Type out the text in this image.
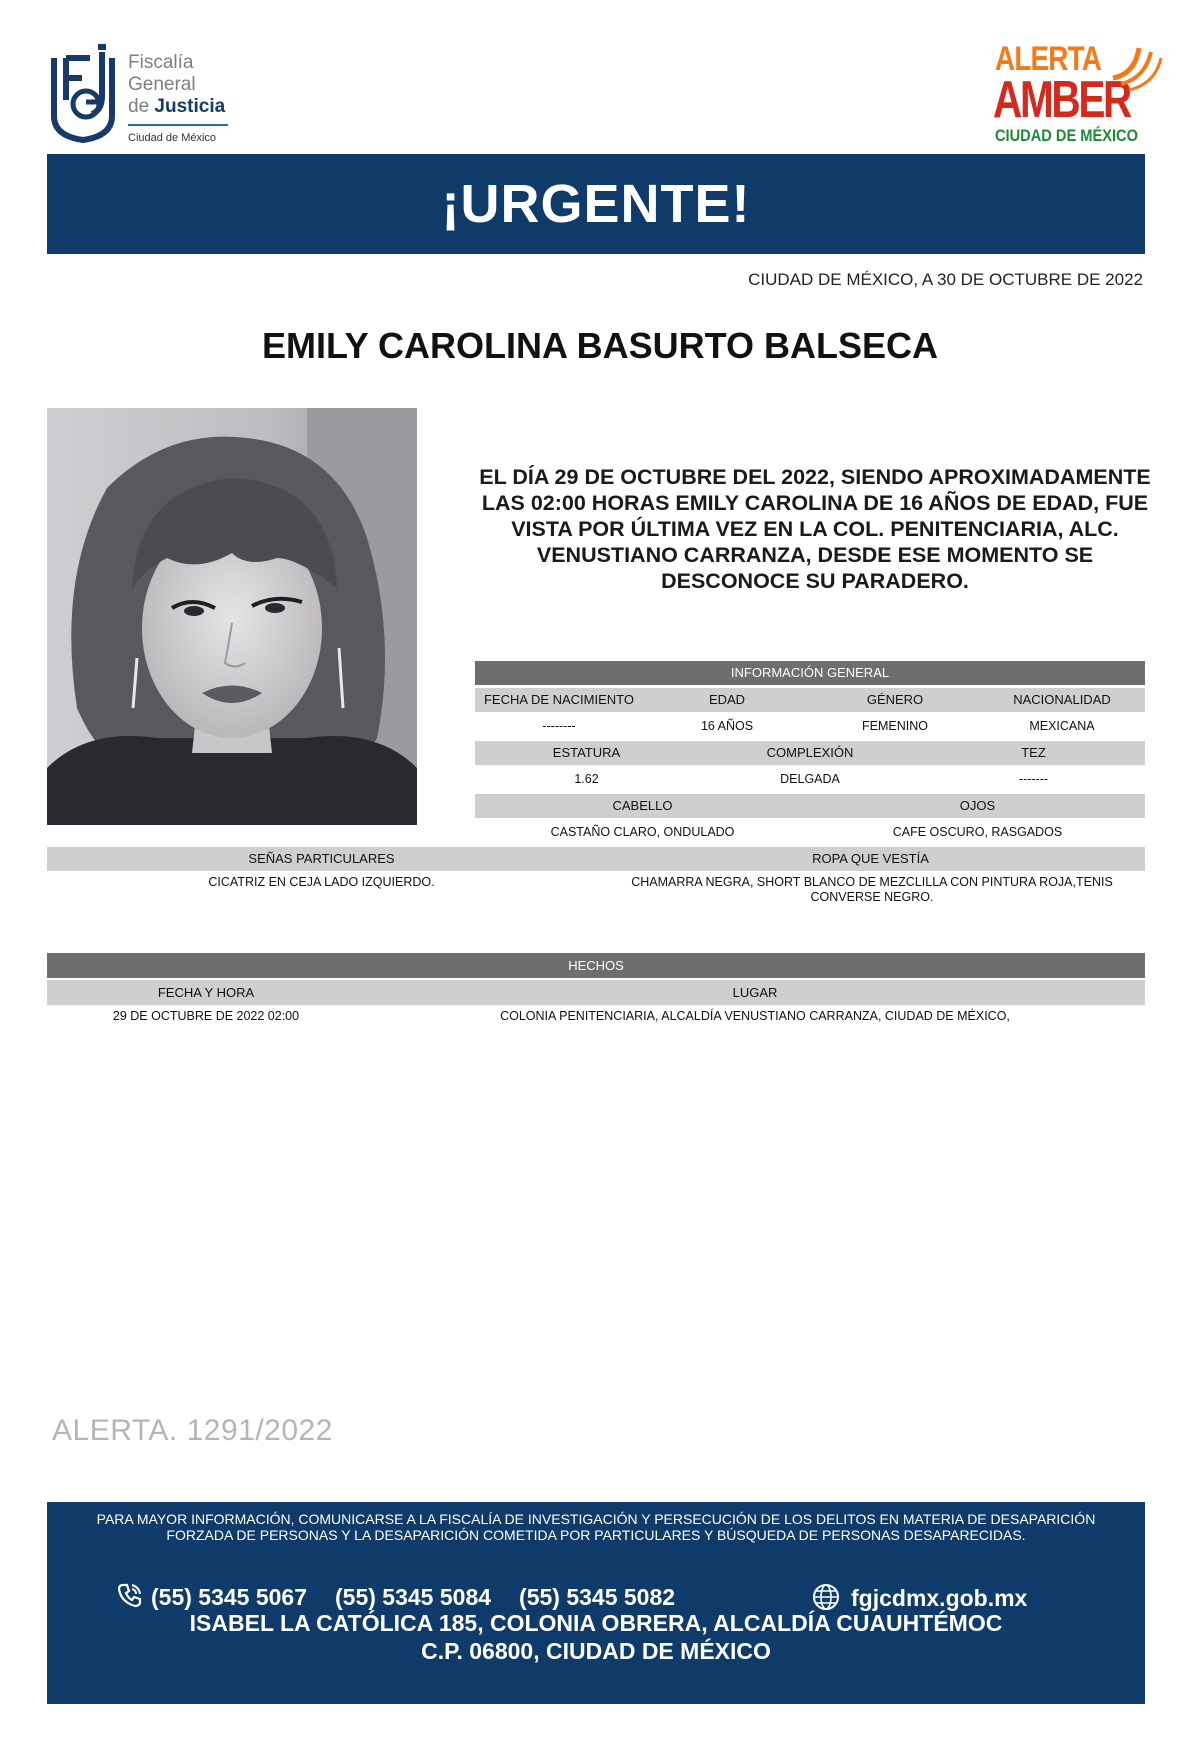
Fiscalía
General
de Justicia
Ciudad de México
ALERTA
AMBER
CIUDAD DE MÉXICO
¡URGENTE!
CIUDAD DE MÉXICO, A 30 DE OCTUBRE DE 2022
EMILY CAROLINA BASURTO BALSECA
EL DÍA 29 DE OCTUBRE DEL 2022, SIENDO APROXIMADAMENTE LAS 02:00 HORAS EMILY CAROLINA DE 16 AÑOS DE EDAD, FUE VISTA POR ÚLTIMA VEZ EN LA COL. PENITENCIARIA, ALC. VENUSTIANO CARRANZA, DESDE ESE MOMENTO SE DESCONOCE SU PARADERO.
INFORMACIÓN GENERAL
FECHA DE NACIMIENTO	EDAD	GÉNERO	NACIONALIDAD
--------	16 AÑOS	FEMENINO	MEXICANA
ESTATURA	COMPLEXIÓN	TEZ
1.62	DELGADA	-------
CABELLO	OJOS
CASTAÑO CLARO, ONDULADO	CAFE OSCURO, RASGADOS
SEÑAS PARTICULARES	ROPA QUE VESTÍA
CICATRIZ EN CEJA LADO IZQUIERDO.	CHAMARRA NEGRA, SHORT BLANCO DE MEZCLILLA CON PINTURA ROJA,TENIS CONVERSE NEGRO.
HECHOS
FECHA Y HORA	LUGAR
29 DE OCTUBRE DE 2022 02:00	COLONIA PENITENCIARIA, ALCALDÍA VENUSTIANO CARRANZA, CIUDAD DE MÉXICO,
ALERTA. 1291/2022
PARA MAYOR INFORMACIÓN, COMUNICARSE A LA FISCALÍA DE INVESTIGACIÓN Y PERSECUCIÓN DE LOS DELITOS EN MATERIA DE DESAPARICIÓN FORZADA DE PERSONAS Y LA DESAPARICIÓN COMETIDA POR PARTICULARES Y BÚSQUEDA DE PERSONAS DESAPARECIDAS.
(55) 5345 5067 (55) 5345 5084 (55) 5345 5082	fgjcdmx.gob.mx
ISABEL LA CATÓLICA 185, COLONIA OBRERA, ALCALDÍA CUAUHTÉMOC
C.P. 06800, CIUDAD DE MÉXICO
